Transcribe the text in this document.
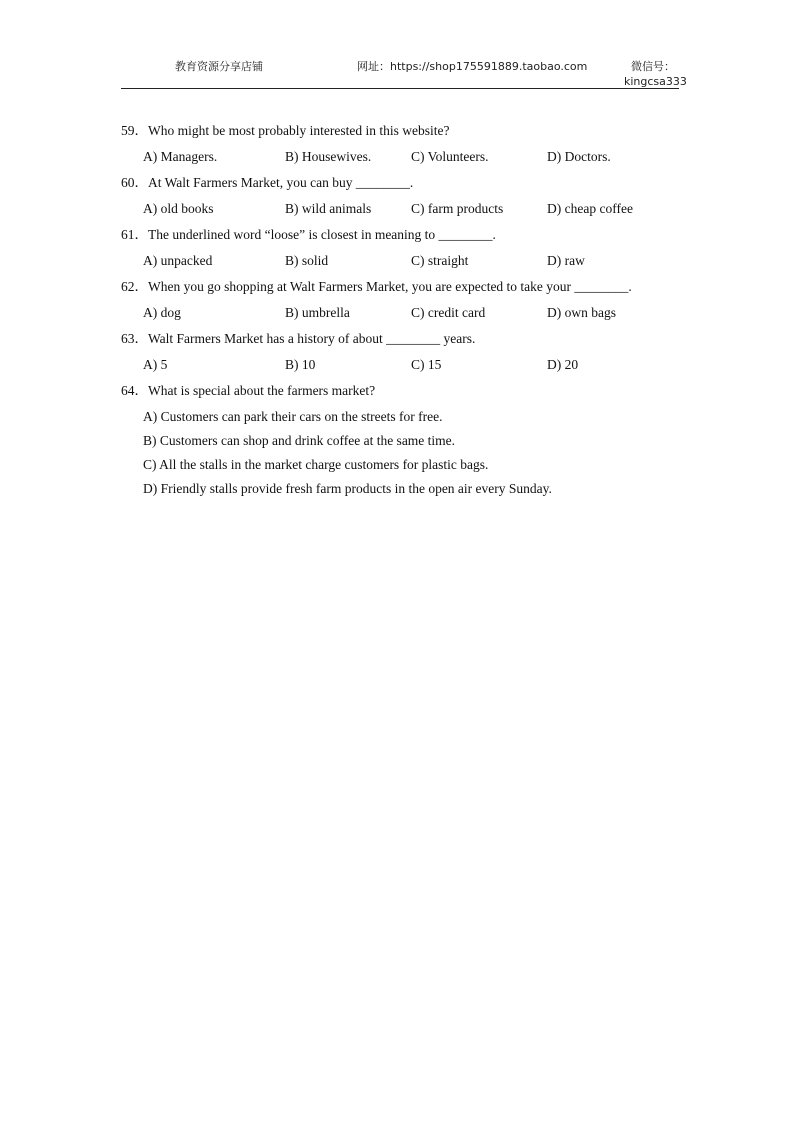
教育资源分享店铺	网址：https://shop175591889.taobao.com	微信号：
kingcsa333
59．Who might be most probably interested in this website?
A) Managers.	B) Housewives.	C) Volunteers.	D) Doctors.
60．At Walt Farmers Market, you can buy ________.
A) old books	B) wild animals	C) farm products	D) cheap coffee
61．The underlined word “loose” is closest in meaning to ________.
A) unpacked	B) solid	C) straight	D) raw
62．When you go shopping at Walt Farmers Market, you are expected to take your ________.
A) dog	B) umbrella	C) credit card	D) own bags
63．Walt Farmers Market has a history of about ________ years.
A) 5	B) 10	C) 15	D) 20
64．What is special about the farmers market?
A) Customers can park their cars on the streets for free.
B) Customers can shop and drink coffee at the same time.
C) All the stalls in the market charge customers for plastic bags.
D) Friendly stalls provide fresh farm products in the open air every Sunday.
